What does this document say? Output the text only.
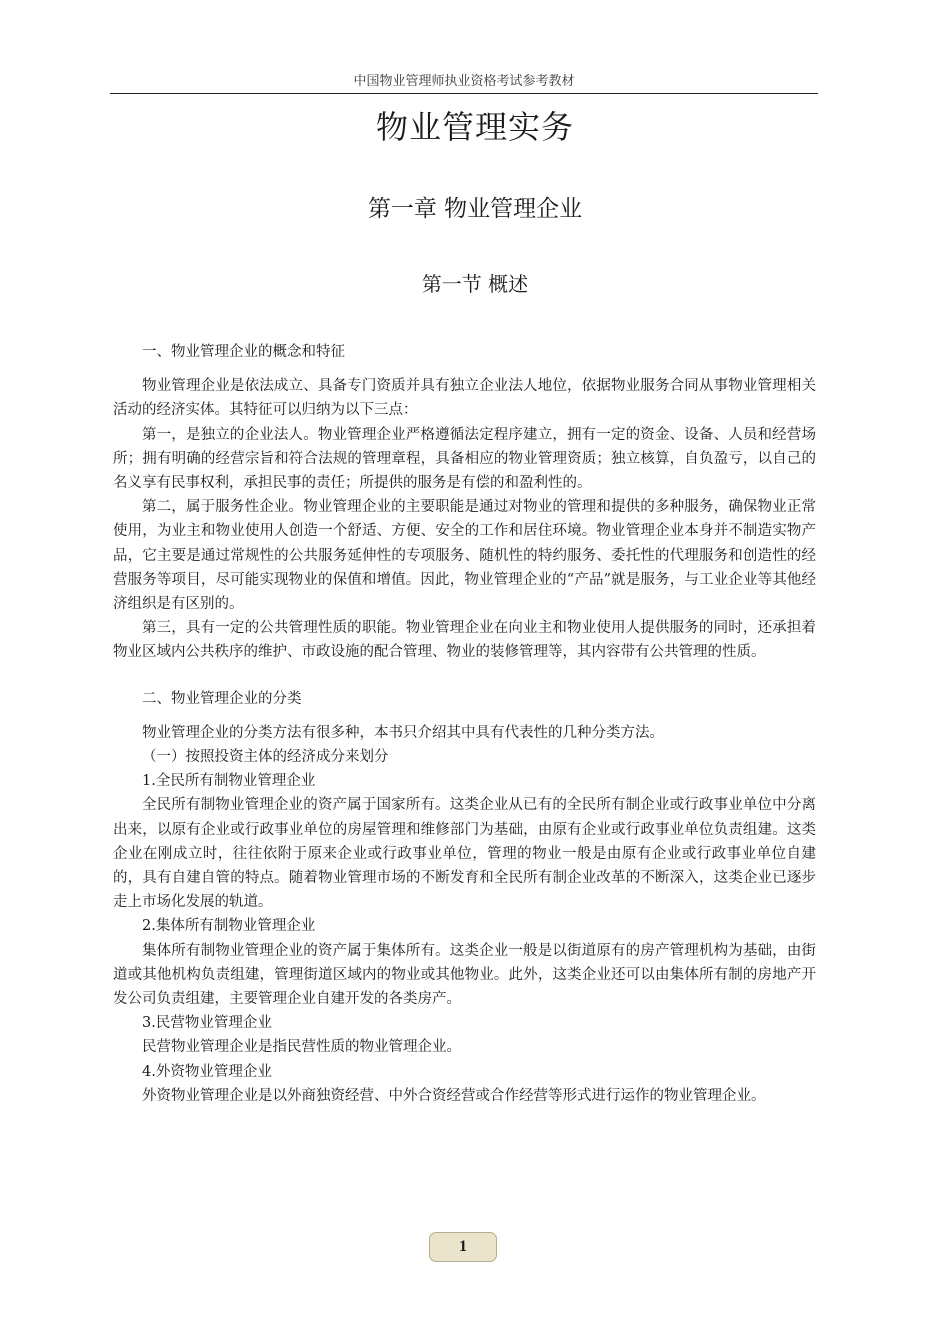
中国物业管理师执业资格考试参考教材
物业管理实务
第一章 物业管理企业
第一节 概述

一、物业管理企业的概念和特征

物业管理企业是依法成立、具备专门资质并具有独立企业法人地位，依据物业服务合同从事物业管理相关活动的经济实体。其特征可以归纳为以下三点：

第一，是独立的企业法人。物业管理企业严格遵循法定程序建立，拥有一定的资金、设备、人员和经营场所；拥有明确的经营宗旨和符合法规的管理章程，具备相应的物业管理资质；独立核算，自负盈亏，以自己的名义享有民事权利，承担民事的责任；所提供的服务是有偿的和盈利性的。

第二，属于服务性企业。物业管理企业的主要职能是通过对物业的管理和提供的多种服务，确保物业正常使用，为业主和物业使用人创造一个舒适、方便、安全的工作和居住环境。物业管理企业本身并不制造实物产品，它主要是通过常规性的公共服务延伸性的专项服务、随机性的特约服务、委托性的代理服务和创造性的经营服务等项目，尽可能实现物业的保值和增值。因此，物业管理企业的“产品”就是服务，与工业企业等其他经济组织是有区别的。

第三，具有一定的公共管理性质的职能。物业管理企业在向业主和物业使用人提供服务的同时，还承担着物业区域内公共秩序的维护、市政设施的配合管理、物业的装修管理等，其内容带有公共管理的性质。

二、物业管理企业的分类

物业管理企业的分类方法有很多种，本书只介绍其中具有代表性的几种分类方法。

（一）按照投资主体的经济成分来划分

1.全民所有制物业管理企业

全民所有制物业管理企业的资产属于国家所有。这类企业从已有的全民所有制企业或行政事业单位中分离出来，以原有企业或行政事业单位的房屋管理和维修部门为基础，由原有企业或行政事业单位负责组建。这类企业在刚成立时，往往依附于原来企业或行政事业单位，管理的物业一般是由原有企业或行政事业单位自建的，具有自建自管的特点。随着物业管理市场的不断发育和全民所有制企业改革的不断深入，这类企业已逐步走上市场化发展的轨道。

2.集体所有制物业管理企业

集体所有制物业管理企业的资产属于集体所有。这类企业一般是以街道原有的房产管理机构为基础，由街道或其他机构负责组建，管理街道区域内的物业或其他物业。此外，这类企业还可以由集体所有制的房地产开发公司负责组建，主要管理企业自建开发的各类房产。

3.民营物业管理企业

民营物业管理企业是指民营性质的物业管理企业。

4.外资物业管理企业

外资物业管理企业是以外商独资经营、中外合资经营或合作经营等形式进行运作的物业管理企业。

1
